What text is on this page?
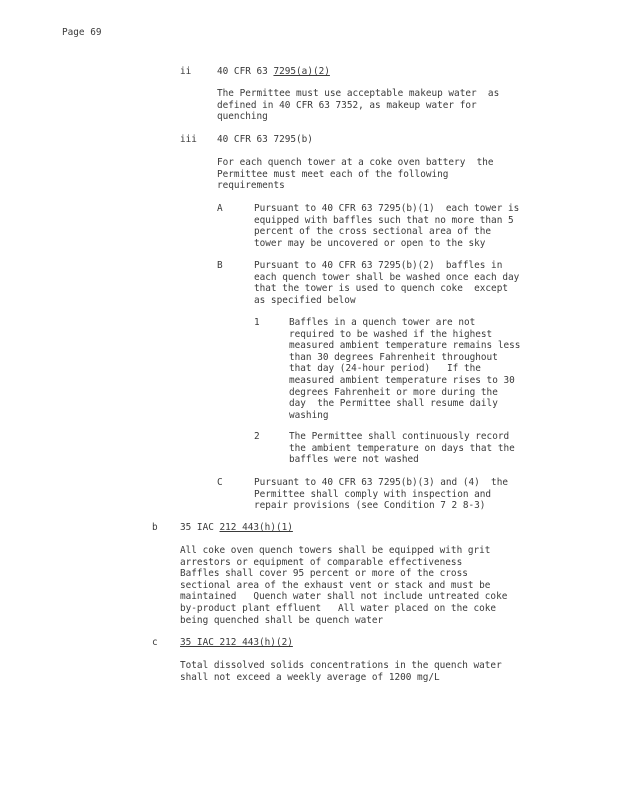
Page 69
ii	40 CFR 63 7295(a)(2)
The Permittee must use acceptable makeup water  as
defined in 40 CFR 63 7352, as makeup water for
quenching
iii 40 CFR 63 7295(b)
For each quench tower at a coke oven battery  the
Permittee must meet each of the following
requirements
A	Pursuant to 40 CFR 63 7295(b)(1)  each tower is
equipped with baffles such that no more than 5
percent of the cross sectional area of the
tower may be uncovered or open to the sky
B	Pursuant to 40 CFR 63 7295(b)(2)  baffles in
each quench tower shall be washed once each day
that the tower is used to quench coke  except
as specified below
1	Baffles in a quench tower are not
required to be washed if the highest
measured ambient temperature remains less
than 30 degrees Fahrenheit throughout
that day (24-hour period)   If the
measured ambient temperature rises to 30
degrees Fahrenheit or more during the
day  the Permittee shall resume daily
washing
2	The Permittee shall continuously record
the ambient temperature on days that the
baffles were not washed
C	Pursuant to 40 CFR 63 7295(b)(3) and (4)  the
Permittee shall comply with inspection and
repair provisions (see Condition 7 2 8-3)
b 35 IAC 212 443(h)(1)
All coke oven quench towers shall be equipped with grit
arrestors or equipment of comparable effectiveness
Baffles shall cover 95 percent or more of the cross
sectional area of the exhaust vent or stack and must be
maintained   Quench water shall not include untreated coke
by-product plant effluent   All water placed on the coke
being quenched shall be quench water
c 35 IAC 212 443(h)(2)
Total dissolved solids concentrations in the quench water
shall not exceed a weekly average of 1200 mg/L
